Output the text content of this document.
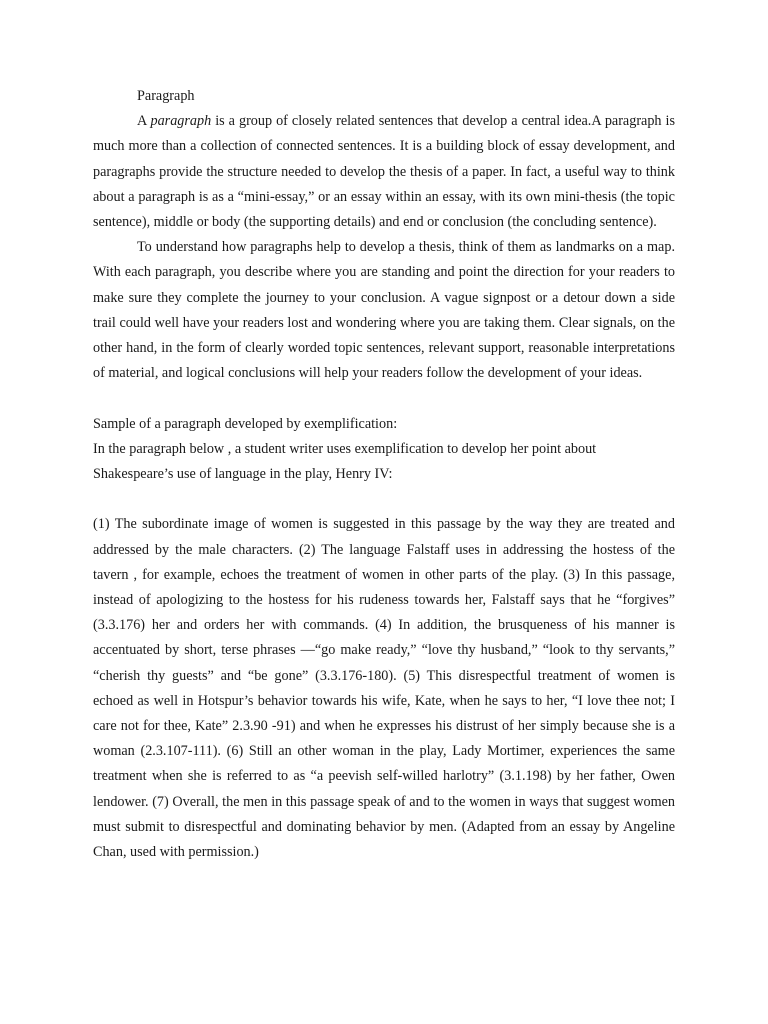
Paragraph

A paragraph is a group of closely related sentences that develop a central idea.A paragraph is much more than a collection of connected sentences. It is a building block of essay development, and paragraphs provide the structure needed to develop the thesis of a paper. In fact, a useful way to think about a paragraph is as a “mini-essay,” or an essay within an essay, with its own mini-thesis (the topic sentence), middle or body (the supporting details) and end or conclusion (the concluding sentence).

To understand how paragraphs help to develop a thesis, think of them as landmarks on a map. With each paragraph, you describe where you are standing and point the direction for your readers to make sure they complete the journey to your conclusion. A vague signpost or a detour down a side trail could well have your readers lost and wondering where you are taking them. Clear signals, on the other hand, in the form of clearly worded topic sentences, relevant support, reasonable interpretations of material, and logical conclusions will help your readers follow the development of your ideas.

Sample of a paragraph developed by exemplification:

In the paragraph below , a student writer uses exemplification to develop her point about Shakespeare’s use of language in the play, Henry IV:

(1) The subordinate image of women is suggested in this passage by the way they are treated and addressed by the male characters. (2) The language Falstaff uses in addressing the hostess of the tavern , for example, echoes the treatment of women in other parts of the play. (3) In this passage, instead of apologizing to the hostess for his rudeness towards her, Falstaff says that he “forgives” (3.3.176) her and orders her with commands. (4) In addition, the brusqueness of his manner is accentuated by short, terse phrases —“go make ready,” “love thy husband,” “look to thy servants,” “cherish thy guests” and “be gone” (3.3.176-180). (5) This disrespectful treatment of women is echoed as well in Hotspur’s behavior towards his wife, Kate, when he says to her, “I love thee not; I care not for thee, Kate” 2.3.90 -91) and when he expresses his distrust of her simply because she is a woman (2.3.107-111). (6) Still an other woman in the play, Lady Mortimer, experiences the same treatment when she is referred to as “a peevish self-willed harlotry” (3.1.198) by her father, Owen lendower. (7) Overall, the men in this passage speak of and to the women in ways that suggest women must submit to disrespectful and dominating behavior by men. (Adapted from an essay by Angeline Chan, used with permission.)
